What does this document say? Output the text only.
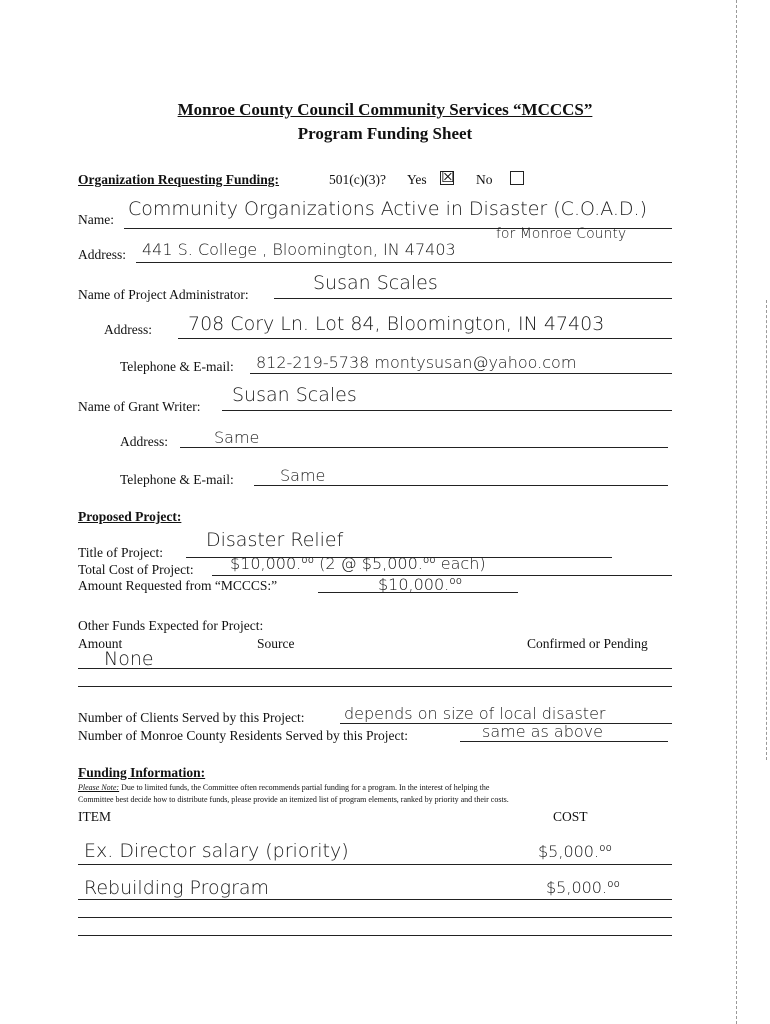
Monroe County Council Community Services “MCCCS”
Program Funding Sheet
Organization Requesting Funding:	501(c)(3)? Yes ☒ No
Name: Community Organizations Active in Disaster (C.O.A.D.)
for Monroe County
Address: 441 S. College , Bloomington, IN 47403
Name of Project Administrator:
Susan Scales
Address: 708 Cory Ln. Lot 84, Bloomington, IN 47403
Telephone & E-mail: 812-219-5738 montysusan@yahoo.com
Name of Grant Writer:
Susan Scales
Address:	Same
Telephone & E-mail:	Same
Proposed Project:
Title of Project:
Disaster Relief
Total Cost of Project: $10,000.⁰⁰ (2 @ $5,000.⁰⁰ each)
Amount Requested from “MCCCS:”	$10,000.⁰⁰
Other Funds Expected for Project:
Amount	Source	Confirmed or Pending
None
Number of Clients Served by this Project: depends on size of local disaster
Number of Monroe County Residents Served by this Project:	same as above
Funding Information:
Please Note: Due to limited funds, the Committee often recommends partial funding for a program. In the interest of helping the
Committee best decide how to distribute funds, please provide an itemized list of program elements, ranked by priority and their costs.
ITEM	COST
Ex. Director salary (priority)	$5,000.⁰⁰
Rebuilding Program	$5,000.⁰⁰
